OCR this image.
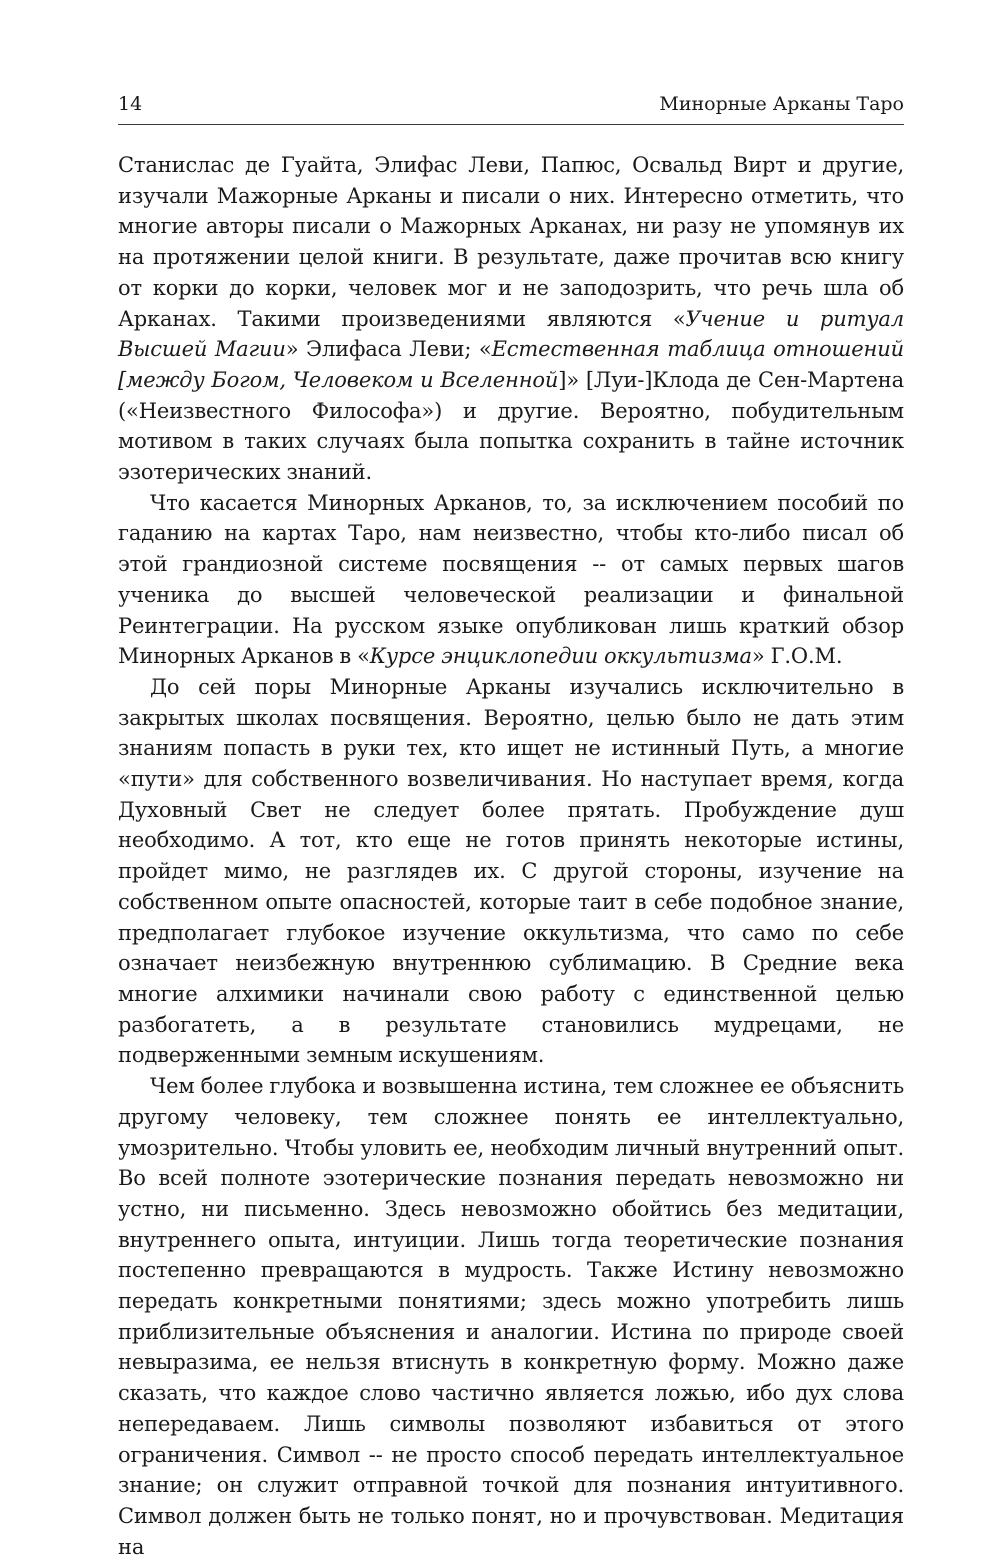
14	Минорные Арканы Таро

Станислас де Гуайта, Элифас Леви, Папюс, Освальд Вирт и другие, изучали Мажорные Арканы и писали о них. Интересно отметить, что многие авторы писали о Мажорных Арканах, ни разу не упомянув их на протяжении целой книги. В результате, даже прочитав всю книгу от корки до корки, человек мог и не заподозрить, что речь шла об Арканах. Такими произведениями являются «Учение и ритуал Высшей Магии» Элифаса Леви; «Естественная таблица отношений [между Богом, Человеком и Вселенной]» [Луи-]Клода де Сен-Мартена («Неизвестного Философа») и другие. Вероятно, побудительным мотивом в таких случаях была попытка сохранить в тайне источник эзотерических знаний.

Что касается Минорных Арканов, то, за исключением пособий по гаданию на картах Таро, нам неизвестно, чтобы кто-либо писал об этой грандиозной системе посвящения -- от самых первых шагов ученика до высшей человеческой реализации и финальной Реинтеграции. На русском языке опубликован лишь краткий обзор Минорных Арканов в «Курсе энциклопедии оккультизма» Г.О.М.

До сей поры Минорные Арканы изучались исключительно в закрытых школах посвящения. Вероятно, целью было не дать этим знаниям попасть в руки тех, кто ищет не истинный Путь, а многие «пути» для собственного возвеличивания. Но наступает время, когда Духовный Свет не следует более прятать. Пробуждение душ необходимо. А тот, кто еще не готов принять некоторые истины, пройдет мимо, не разглядев их. С другой стороны, изучение на собственном опыте опасностей, которые таит в себе подобное знание, предполагает глубокое изучение оккультизма, что само по себе означает неизбежную внутреннюю сублимацию. В Средние века многие алхимики начинали свою работу с единственной целью разбогатеть, а в результате становились мудрецами, не подверженными земным искушениям.

Чем более глубока и возвышенна истина, тем сложнее ее объяснить другому человеку, тем сложнее понять ее интеллектуально, умозрительно. Чтобы уловить ее, необходим личный внутренний опыт. Во всей полноте эзотерические познания передать невозможно ни устно, ни письменно. Здесь невозможно обойтись без медитации, внутреннего опыта, интуиции. Лишь тогда теоретические познания постепенно превращаются в мудрость. Также Истину невозможно передать конкретными понятиями; здесь можно употребить лишь приблизительные объяснения и аналогии. Истина по природе своей невыразима, ее нельзя втиснуть в конкретную форму. Можно даже сказать, что каждое слово частично является ложью, ибо дух слова непередаваем. Лишь символы позволяют избавиться от этого ограничения. Символ -- не просто способ передать интеллектуальное знание; он служит отправной точкой для познания интуитивного. Символ должен быть не только понят, но и прочувствован. Медитация на
